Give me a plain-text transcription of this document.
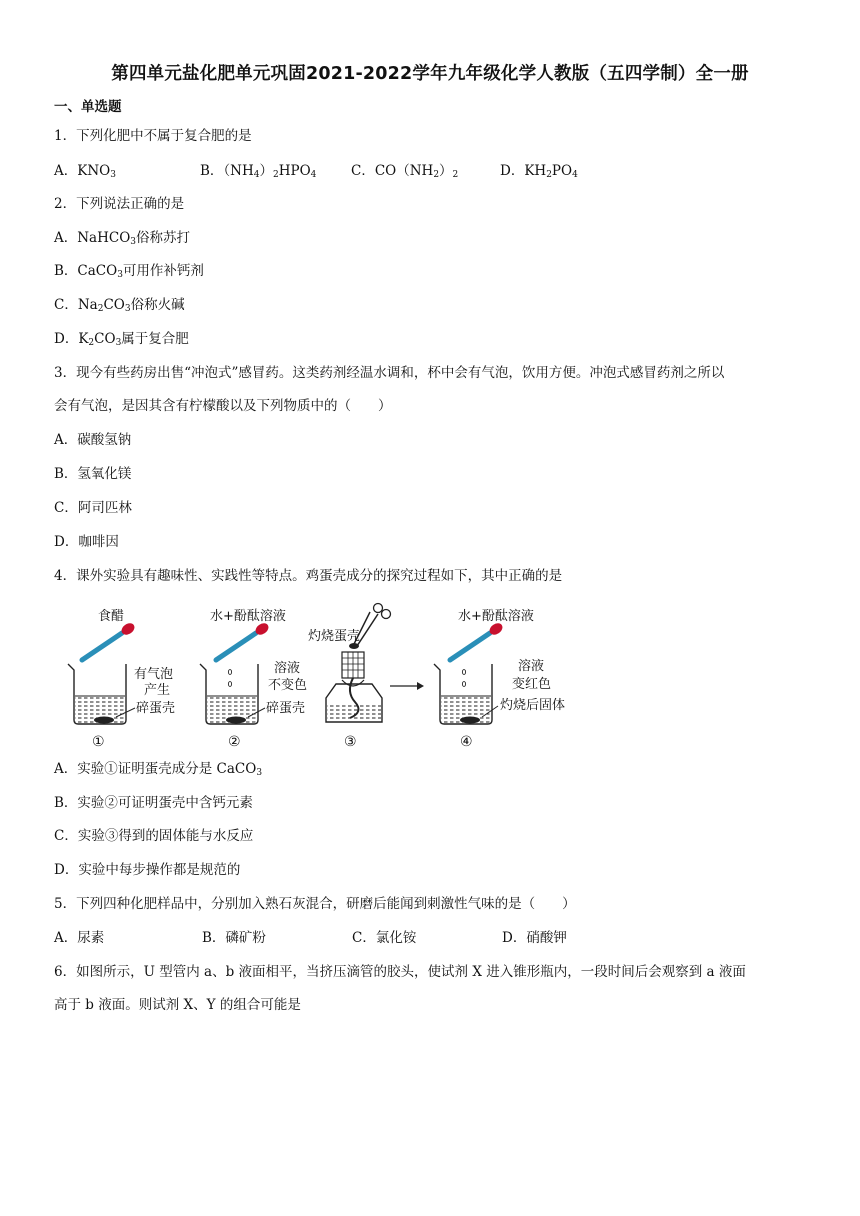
第四单元盐化肥单元巩固2021-2022学年九年级化学人教版（五四学制）全一册
一、单选题
1．下列化肥中不属于复合肥的是
A．$KNO_3$	B．$(NH_4)_2HPO_4$	C．$CO(NH_2)_2$	D．$KH_2PO_4$
2．下列说法正确的是
A．NaHCO$_3$俗称苏打
B．CaCO$_3$可用作补钙剂
C．$Na_2CO_3$俗称火碱
D．$K_2CO_3$属于复合肥
3．现今有些药房出售“冲泡式”感冒药。这类药剂经温水调和，杯中会有气泡，饮用方便。冲泡式感冒药剂之所以
会有气泡，是因其含有柠檬酸以及下列物质中的（　　）
A．碳酸氢钠
B．氢氧化镁
C．阿司匹林
D．咖啡因
4．课外实验具有趣味性、实践性等特点。鸡蛋壳成分的探究过程如下，其中正确的是
食醋
有气泡
产生
碎蛋壳
①
水+酚酞溶液
溶液
不变色
碎蛋壳
②
灼烧蛋壳
③
水+酚酞溶液
溶液
变红色
灼烧后固体
④
A．实验①证明蛋壳成分是 CaCO$_3$
B．实验②可证明蛋壳中含钙元素
C．实验③得到的固体能与水反应
D．实验中每步操作都是规范的
5．下列四种化肥样品中，分别加入熟石灰混合，研磨后能闻到刺激性气味的是（　　）
A．尿素	B．磷矿粉	C．氯化铵	D．硝酸钾
6．如图所示，U 型管内 a、b 液面相平，当挤压滴管的胶头，使试剂 X 进入锥形瓶内，一段时间后会观察到 a 液面
高于 b 液面。则试剂 X、Y 的组合可能是
